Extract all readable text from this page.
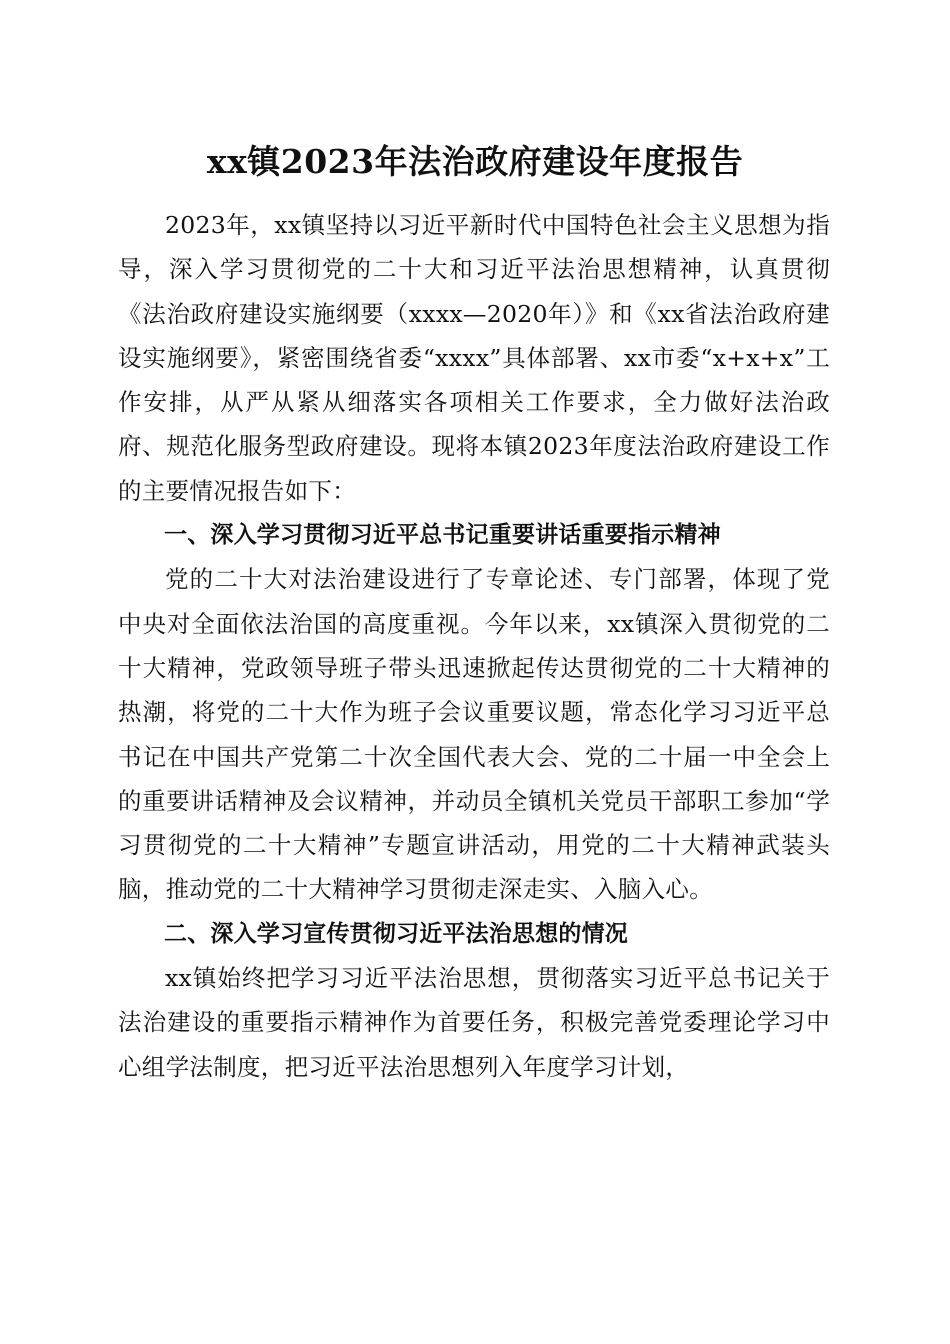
xx镇2023年法治政府建设年度报告

2023年，xx镇坚持以习近平新时代中国特色社会主义思想为指导，深入学习贯彻党的二十大和习近平法治思想精神，认真贯彻《法治政府建设实施纲要（xxxx—2020年）》和《xx省法治政府建设实施纲要》，紧密围绕省委“xxxx”具体部署、xx市委“x+x+x”工作安排，从严从紧从细落实各项相关工作要求，全力做好法治政府、规范化服务型政府建设。现将本镇2023年度法治政府建设工作的主要情况报告如下：

一、深入学习贯彻习近平总书记重要讲话重要指示精神

党的二十大对法治建设进行了专章论述、专门部署，体现了党中央对全面依法治国的高度重视。今年以来，xx镇深入贯彻党的二十大精神，党政领导班子带头迅速掀起传达贯彻党的二十大精神的热潮，将党的二十大作为班子会议重要议题，常态化学习习近平总书记在中国共产党第二十次全国代表大会、党的二十届一中全会上的重要讲话精神及会议精神，并动员全镇机关党员干部职工参加“学习贯彻党的二十大精神”专题宣讲活动，用党的二十大精神武装头脑，推动党的二十大精神学习贯彻走深走实、入脑入心。

二、深入学习宣传贯彻习近平法治思想的情况

xx镇始终把学习习近平法治思想，贯彻落实习近平总书记关于法治建设的重要指示精神作为首要任务，积极完善党委理论学习中心组学法制度，把习近平法治思想列入年度学习计划，
